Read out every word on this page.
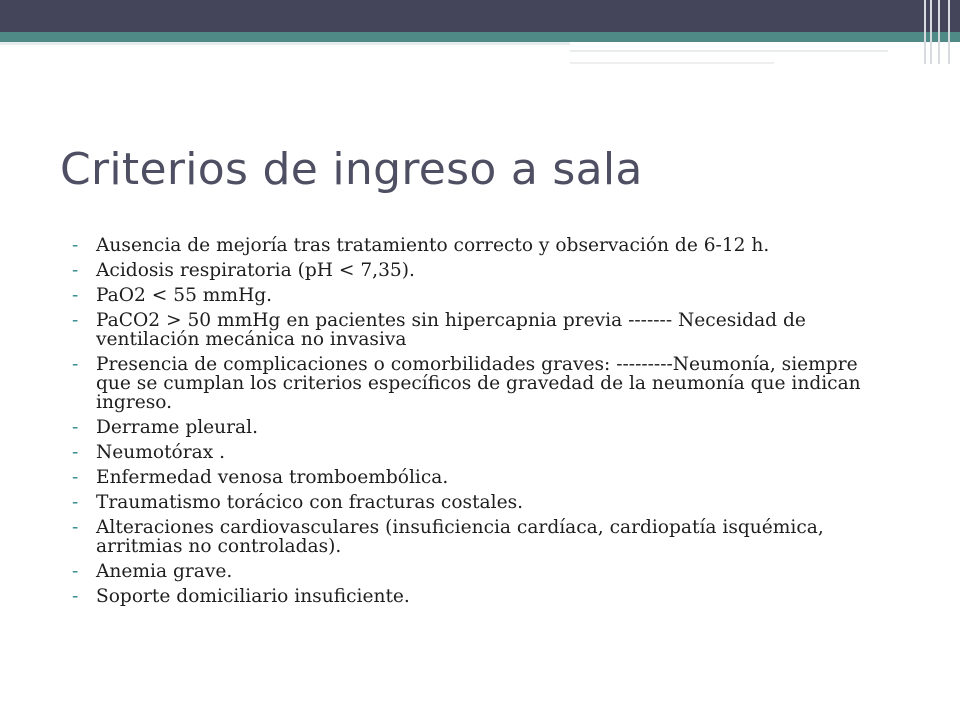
Criterios de ingreso a sala
- Ausencia de mejoría tras tratamiento correcto y observación de 6-12 h.
- Acidosis respiratoria (pH < 7,35).
- PaO2 < 55 mmHg.
- PaCO2 > 50 mmHg en pacientes sin hipercapnia previa ------- Necesidad de ventilación mecánica no invasiva
- Presencia de complicaciones o comorbilidades graves: ---------Neumonía, siempre que se cumplan los criterios específicos de gravedad de la neumonía que indican ingreso.
- Derrame pleural.
- Neumotórax .
- Enfermedad venosa tromboembólica.
- Traumatismo torácico con fracturas costales.
- Alteraciones cardiovasculares (insuficiencia cardíaca, cardiopatía isquémica, arritmias no controladas).
- Anemia grave.
- Soporte domiciliario insuficiente.
